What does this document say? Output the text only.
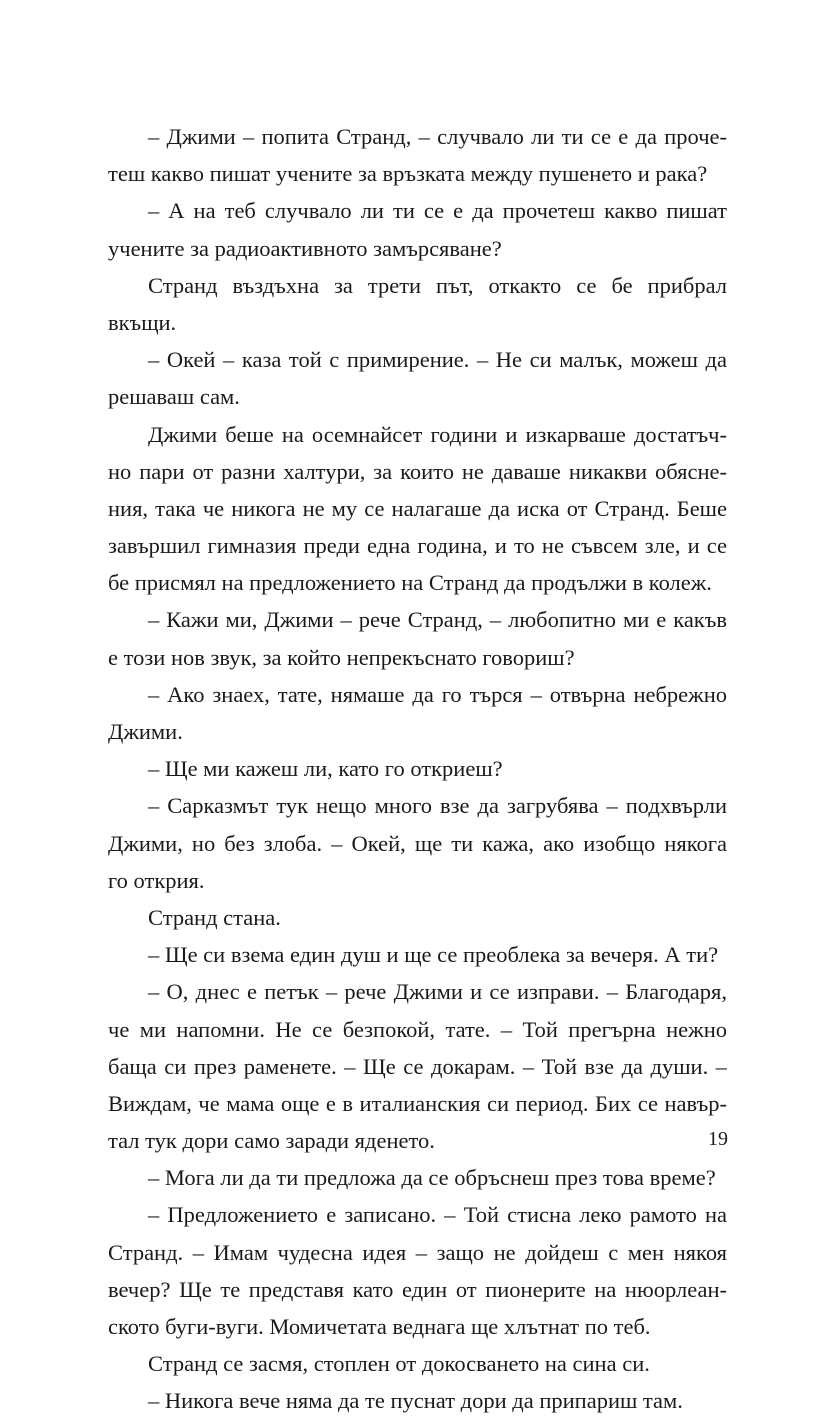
– Джими – попита Странд, – случвало ли ти се е да проче-
теш какво пишат учените за връзката между пушенето и рака?
– А на теб случвало ли ти се е да прочетеш какво пишат
учените за радиоактивното замърсяване?
Странд въздъхна за трети път, откакто се бе прибрал
вкъщи.
– Окей – каза той с примирение. – Не си малък, можеш да
решаваш сам.
Джими беше на осемнайсет години и изкарваше достатъч-
но пари от разни халтури, за които не даваше никакви обясне-
ния, така че никога не му се налагаше да иска от Странд. Беше
завършил гимназия преди една година, и то не съвсем зле, и се
бе присмял на предложението на Странд да продължи в колеж.
– Кажи ми, Джими – рече Странд, – любопитно ми е какъв
е този нов звук, за който непрекъснато говориш?
– Ако знаех, тате, нямаше да го търся – отвърна небрежно
Джими.
– Ще ми кажеш ли, като го откриеш?
– Сарказмът тук нещо много взе да загрубява – подхвърли
Джими, но без злоба. – Окей, ще ти кажа, ако изобщо някога
го открия.
Странд стана.
– Ще си взема един душ и ще се преоблека за вечеря. А ти?
– О, днес е петък – рече Джими и се изправи. – Благодаря,
че ми напомни. Не се безпокой, тате. – Той прегърна нежно
баща си през раменете. – Ще се докарам. – Той взе да души. –
Виждам, че мама още е в италианския си период. Бих се навър-
тал тук дори само заради яденето.
– Мога ли да ти предложа да се обръснеш през това време?
– Предложението е записано. – Той стисна леко рамото на
Странд. – Имам чудесна идея – защо не дойдеш с мен някоя
вечер? Ще те представя като един от пионерите на нюорлеан-
ското буги-вуги. Момичетата веднага ще хлътнат по теб.
Странд се засмя, стоплен от докосването на сина си.
– Никога вече няма да те пуснат дори да припариш там.
19
